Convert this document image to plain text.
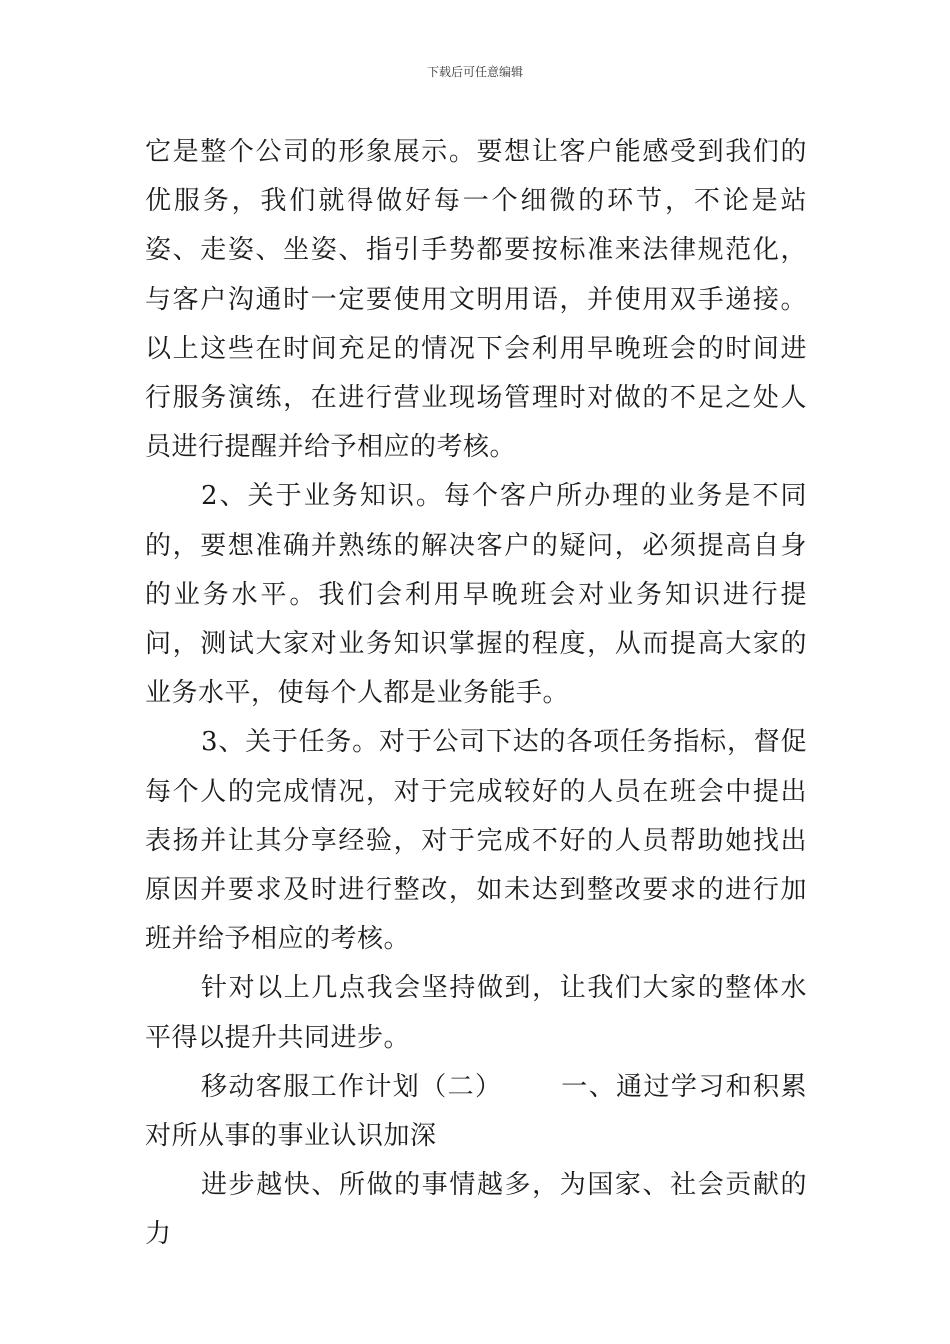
下载后可任意编辑

它是整个公司的形象展示。要想让客户能感受到我们的优服务，我们就得做好每一个细微的环节，不论是站姿、走姿、坐姿、指引手势都要按标准来法律规范化，与客户沟通时一定要使用文明用语，并使用双手递接。以上这些在时间充足的情况下会利用早晚班会的时间进行服务演练，在进行营业现场管理时对做的不足之处人员进行提醒并给予相应的考核。

2、关于业务知识。每个客户所办理的业务是不同的，要想准确并熟练的解决客户的疑问，必须提高自身的业务水平。我们会利用早晚班会对业务知识进行提问，测试大家对业务知识掌握的程度，从而提高大家的业务水平，使每个人都是业务能手。

3、关于任务。对于公司下达的各项任务指标，督促每个人的完成情况，对于完成较好的人员在班会中提出表扬并让其分享经验，对于完成不好的人员帮助她找出原因并要求及时进行整改，如未达到整改要求的进行加班并给予相应的考核。

针对以上几点我会坚持做到，让我们大家的整体水平得以提升共同进步。

移动客服工作计划（二） 一、通过学习和积累对所从事的事业认识加深

进步越快、所做的事情越多，为国家、社会贡献的力
